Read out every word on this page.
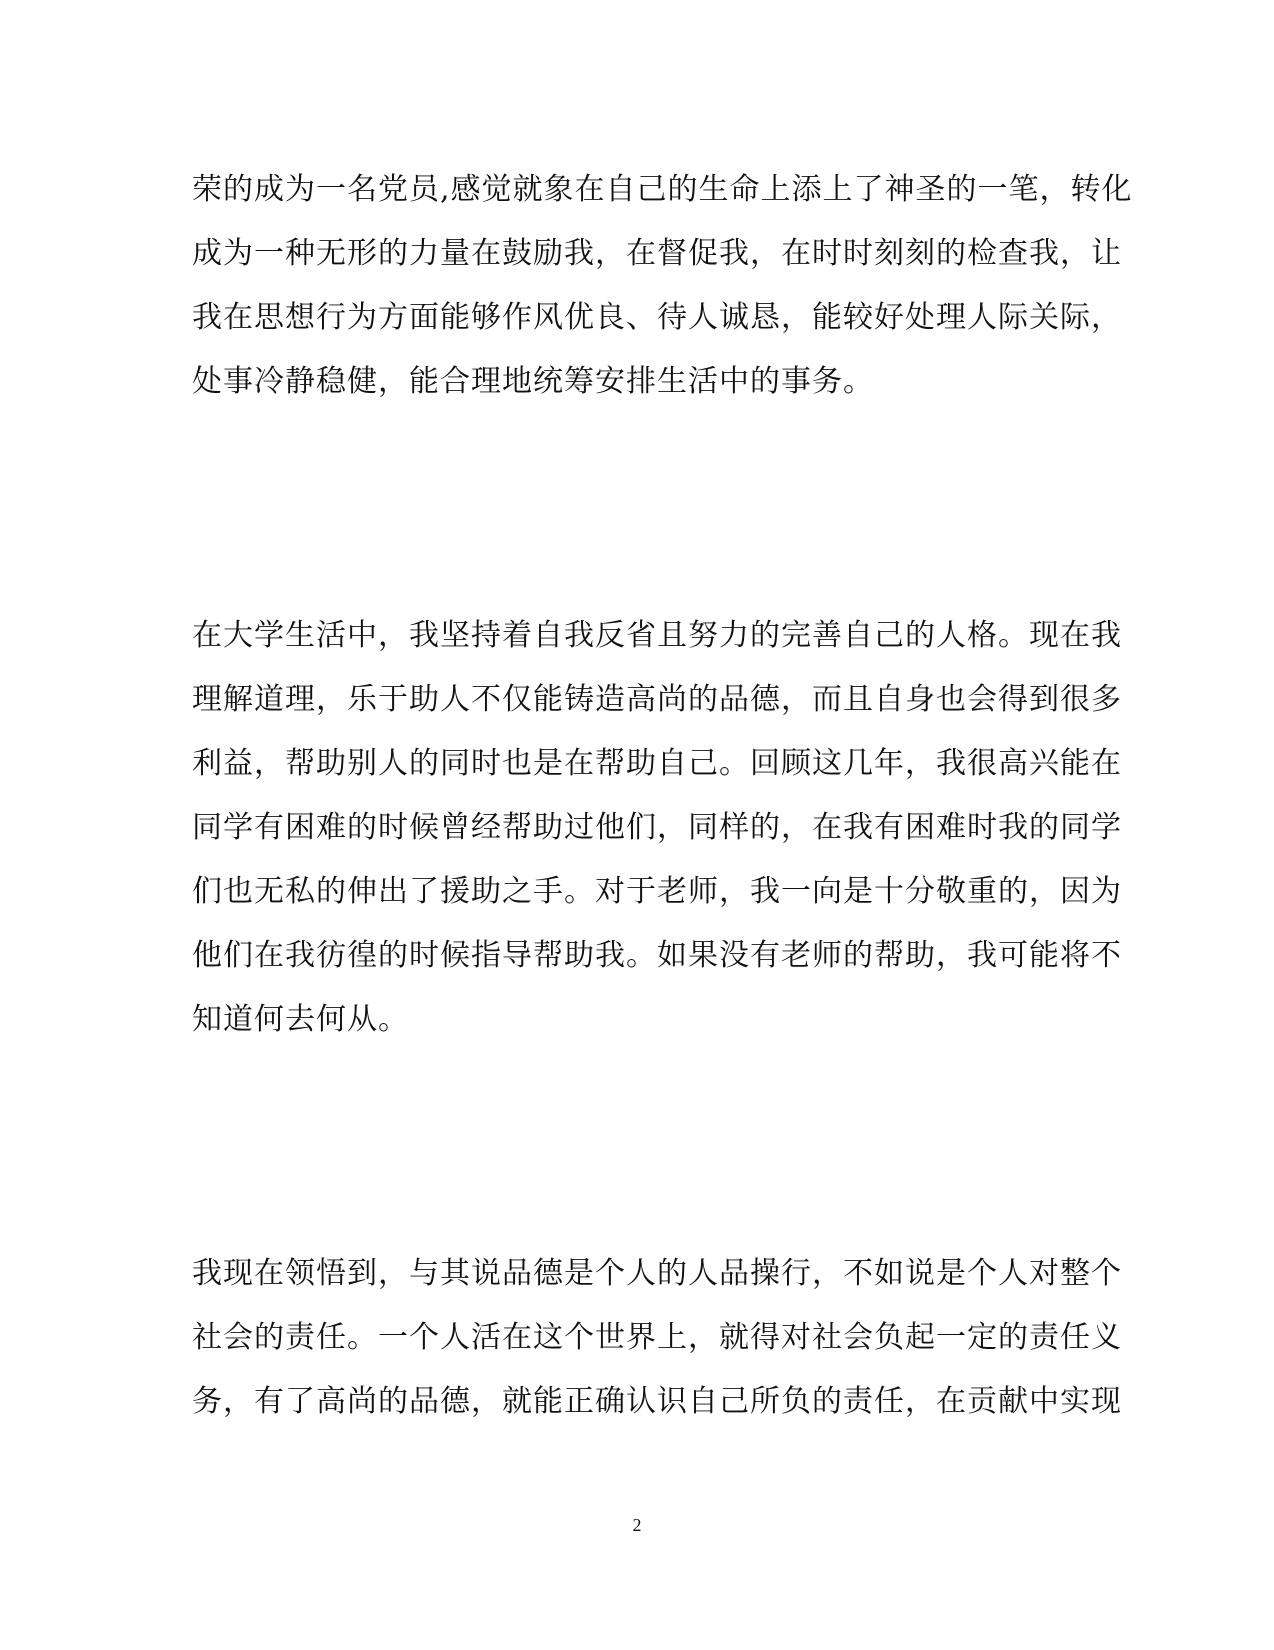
荣的成为一名党员,感觉就象在自己的生命上添上了神圣的一笔，转化
成为一种无形的力量在鼓励我，在督促我，在时时刻刻的检查我，让
我在思想行为方面能够作风优良、待人诚恳，能较好处理人际关际，
处事冷静稳健，能合理地统筹安排生活中的事务。
在大学生活中，我坚持着自我反省且努力的完善自己的人格。现在我
理解道理，乐于助人不仅能铸造高尚的品德，而且自身也会得到很多
利益，帮助别人的同时也是在帮助自己。回顾这几年，我很高兴能在
同学有困难的时候曾经帮助过他们，同样的，在我有困难时我的同学
们也无私的伸出了援助之手。对于老师，我一向是十分敬重的，因为
他们在我彷徨的时候指导帮助我。如果没有老师的帮助，我可能将不
知道何去何从。
我现在领悟到，与其说品德是个人的人品操行，不如说是个人对整个
社会的责任。一个人活在这个世界上，就得对社会负起一定的责任义
务，有了高尚的品德，就能正确认识自己所负的责任，在贡献中实现
2
